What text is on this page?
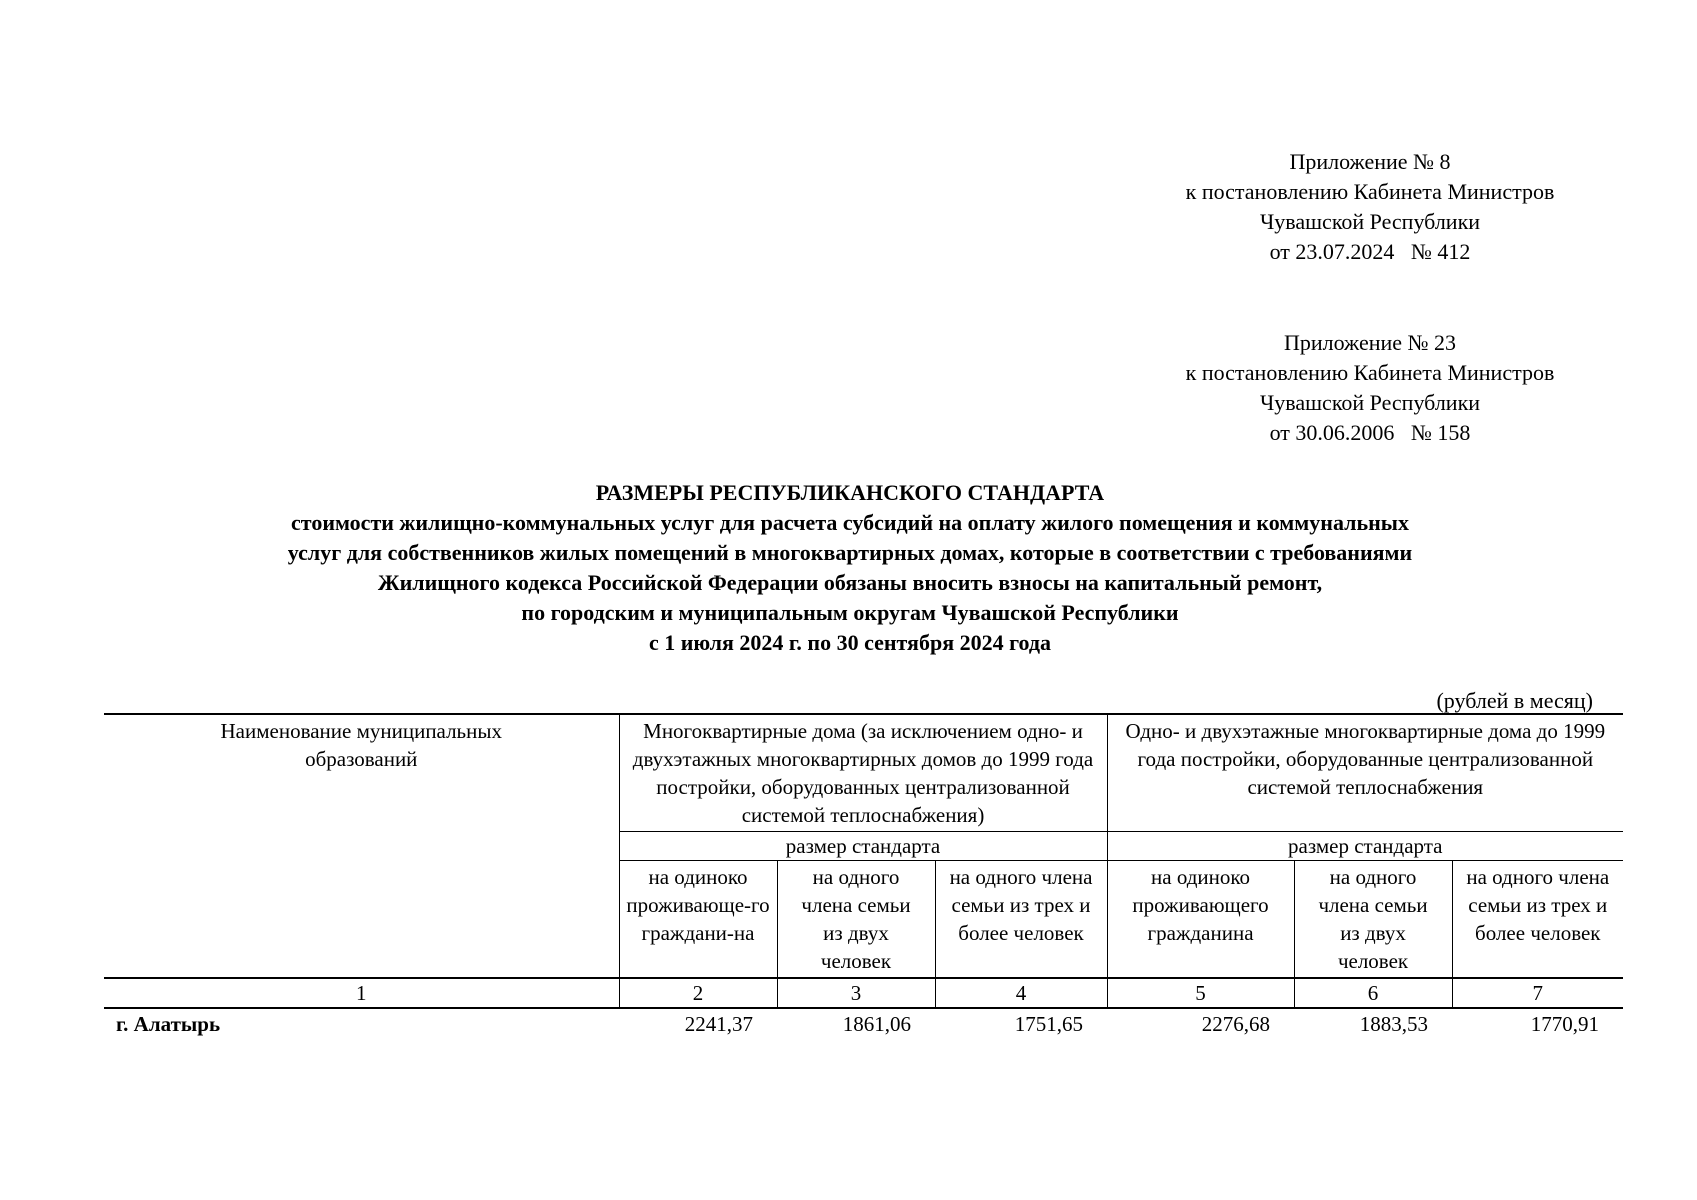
Приложение № 8
к постановлению Кабинета Министров
Чувашской Республики
от 23.07.2024   № 412
Приложение № 23
к постановлению Кабинета Министров
Чувашской Республики
от 30.06.2006   № 158
РАЗМЕРЫ РЕСПУБЛИКАНСКОГО СТАНДАРТА
стоимости жилищно-коммунальных услуг для расчета субсидий на оплату жилого помещения и коммунальных
услуг для собственников жилых помещений в многоквартирных домах, которые в соответствии с требованиями
Жилищного кодекса Российской Федерации обязаны вносить взносы на капитальный ремонт,
по городским и муниципальным округам Чувашской Республики
с 1 июля 2024 г. по 30 сентября 2024 года
(рублей в месяц)
Наименование муниципальных образований	Многоквартирные дома (за исключением одно- и двухэтажных многоквартирных домов до 1999 года постройки, оборудованных централизованной системой теплоснабжения)			Одно- и двухэтажные многоквартирные дома до 1999 года постройки, оборудованные централизованной системой теплоснабжения		
	размер стандарта			размер стандарта		
	на одиноко проживающе-го граждани-на	на одного члена семьи из двух человек	на одного члена семьи из трех и более человек	на одиноко проживающего гражданина	на одного члена семьи из двух человек	на одного члена семьи из трех и более человек
1	2	3	4	5	6	7
г. Алатырь	2241,37	1861,06	1751,65	2276,68	1883,53	1770,91
